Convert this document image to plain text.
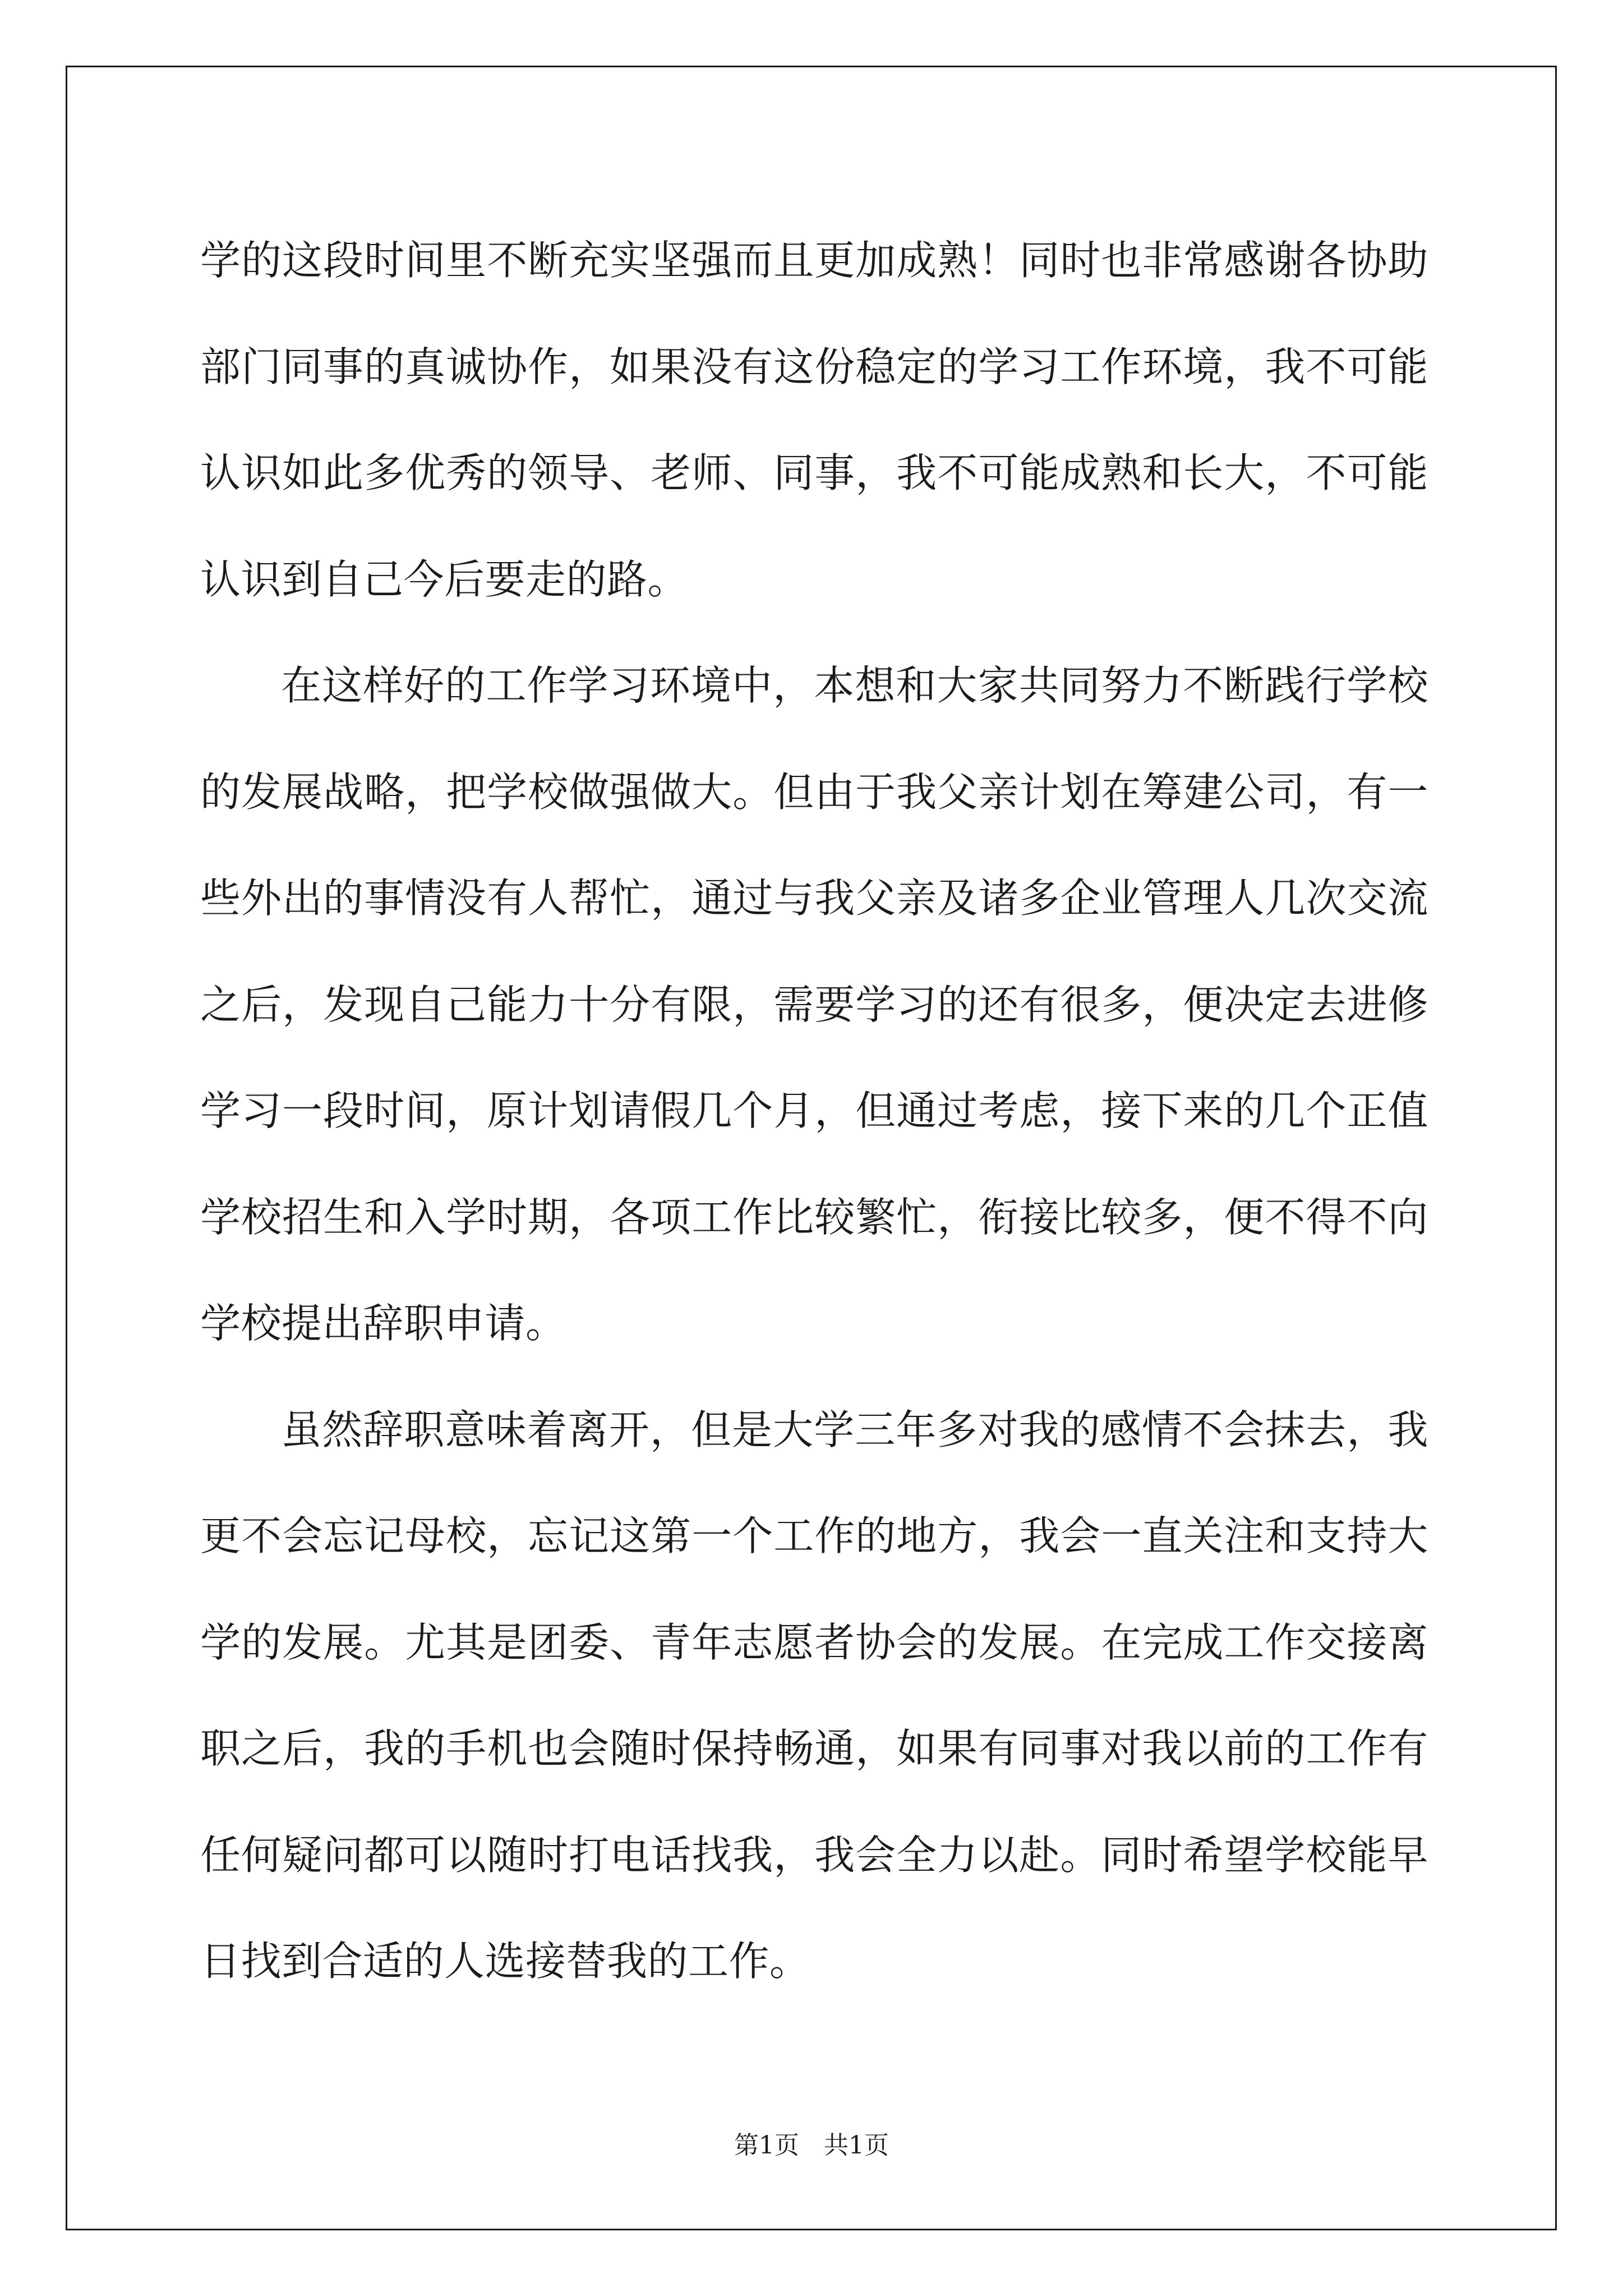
学的这段时间里不断充实坚强而且更加成熟！同时也非常感谢各协助部门同事的真诚协作，如果没有这份稳定的学习工作环境，我不可能认识如此多优秀的领导、老师、同事，我不可能成熟和长大，不可能认识到自己今后要走的路。

在这样好的工作学习环境中，本想和大家共同努力不断践行学校的发展战略，把学校做强做大。但由于我父亲计划在筹建公司，有一些外出的事情没有人帮忙，通过与我父亲及诸多企业管理人几次交流之后，发现自己能力十分有限，需要学习的还有很多，便决定去进修学习一段时间，原计划请假几个月，但通过考虑，接下来的几个正值学校招生和入学时期，各项工作比较繁忙，衔接比较多，便不得不向学校提出辞职申请。

虽然辞职意味着离开，但是大学三年多对我的感情不会抹去，我更不会忘记母校，忘记这第一个工作的地方，我会一直关注和支持大学的发展。尤其是团委、青年志愿者协会的发展。在完成工作交接离职之后，我的手机也会随时保持畅通，如果有同事对我以前的工作有任何疑问都可以随时打电话找我，我会全力以赴。同时希望学校能早日找到合适的人选接替我的工作。

第1页 共1页
